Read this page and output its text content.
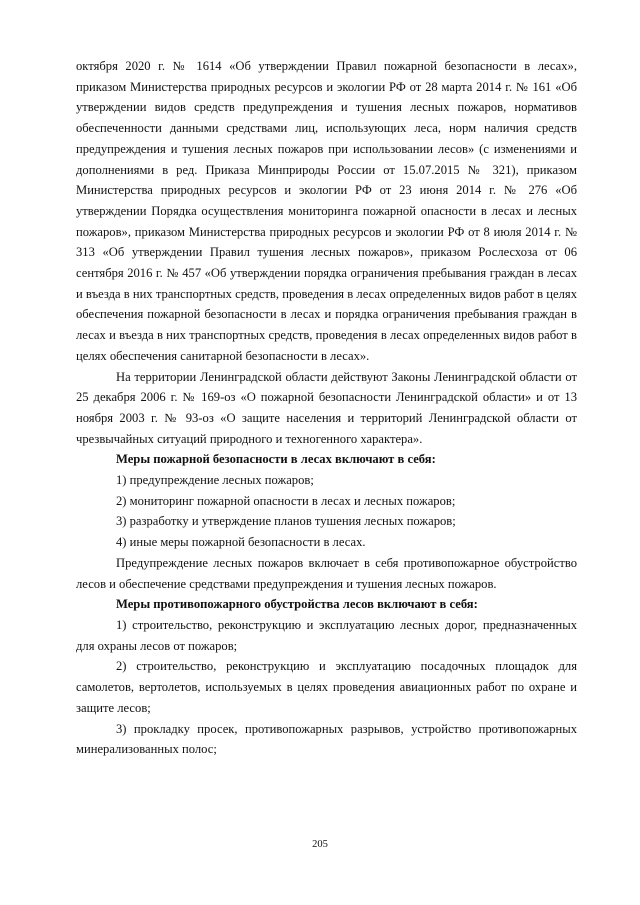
октября 2020 г. № 1614 «Об утверждении Правил пожарной безопасности в лесах», приказом Министерства природных ресурсов и экологии РФ от 28 марта 2014 г. № 161 «Об утверждении видов средств предупреждения и тушения лесных пожаров, нормативов обеспеченности данными средствами лиц, использующих леса, норм наличия средств предупреждения и тушения лесных пожаров при использовании лесов» (с изменениями и дополнениями в ред. Приказа Минприроды России от 15.07.2015 № 321), приказом Министерства природных ресурсов и экологии РФ от 23 июня 2014 г. № 276 «Об утверждении Порядка осуществления мониторинга пожарной опасности в лесах и лесных пожаров», приказом Министерства природных ресурсов и экологии РФ от 8 июля 2014 г. № 313 «Об утверждении Правил тушения лесных пожаров», приказом Рослесхоза от 06 сентября 2016 г. № 457 «Об утверждении порядка ограничения пребывания граждан в лесах и въезда в них транспортных средств, проведения в лесах определенных видов работ в целях обеспечения пожарной безопасности в лесах и порядка ограничения пребывания граждан в лесах и въезда в них транспортных средств, проведения в лесах определенных видов работ в целях обеспечения санитарной безопасности в лесах».

На территории Ленинградской области действуют Законы Ленинградской области от 25 декабря 2006 г. № 169-оз «О пожарной безопасности Ленинградской области» и от 13 ноября 2003 г. № 93-оз «О защите населения и территорий Ленинградской области от чрезвычайных ситуаций природного и техногенного характера».

Меры пожарной безопасности в лесах включают в себя:

1) предупреждение лесных пожаров;

2) мониторинг пожарной опасности в лесах и лесных пожаров;

3) разработку и утверждение планов тушения лесных пожаров;

4) иные меры пожарной безопасности в лесах.

Предупреждение лесных пожаров включает в себя противопожарное обустройство лесов и обеспечение средствами предупреждения и тушения лесных пожаров.

Меры противопожарного обустройства лесов включают в себя:

1) строительство, реконструкцию и эксплуатацию лесных дорог, предназначенных для охраны лесов от пожаров;

2) строительство, реконструкцию и эксплуатацию посадочных площадок для самолетов, вертолетов, используемых в целях проведения авиационных работ по охране и защите лесов;

3) прокладку просек, противопожарных разрывов, устройство противопожарных минерализованных полос;

205
